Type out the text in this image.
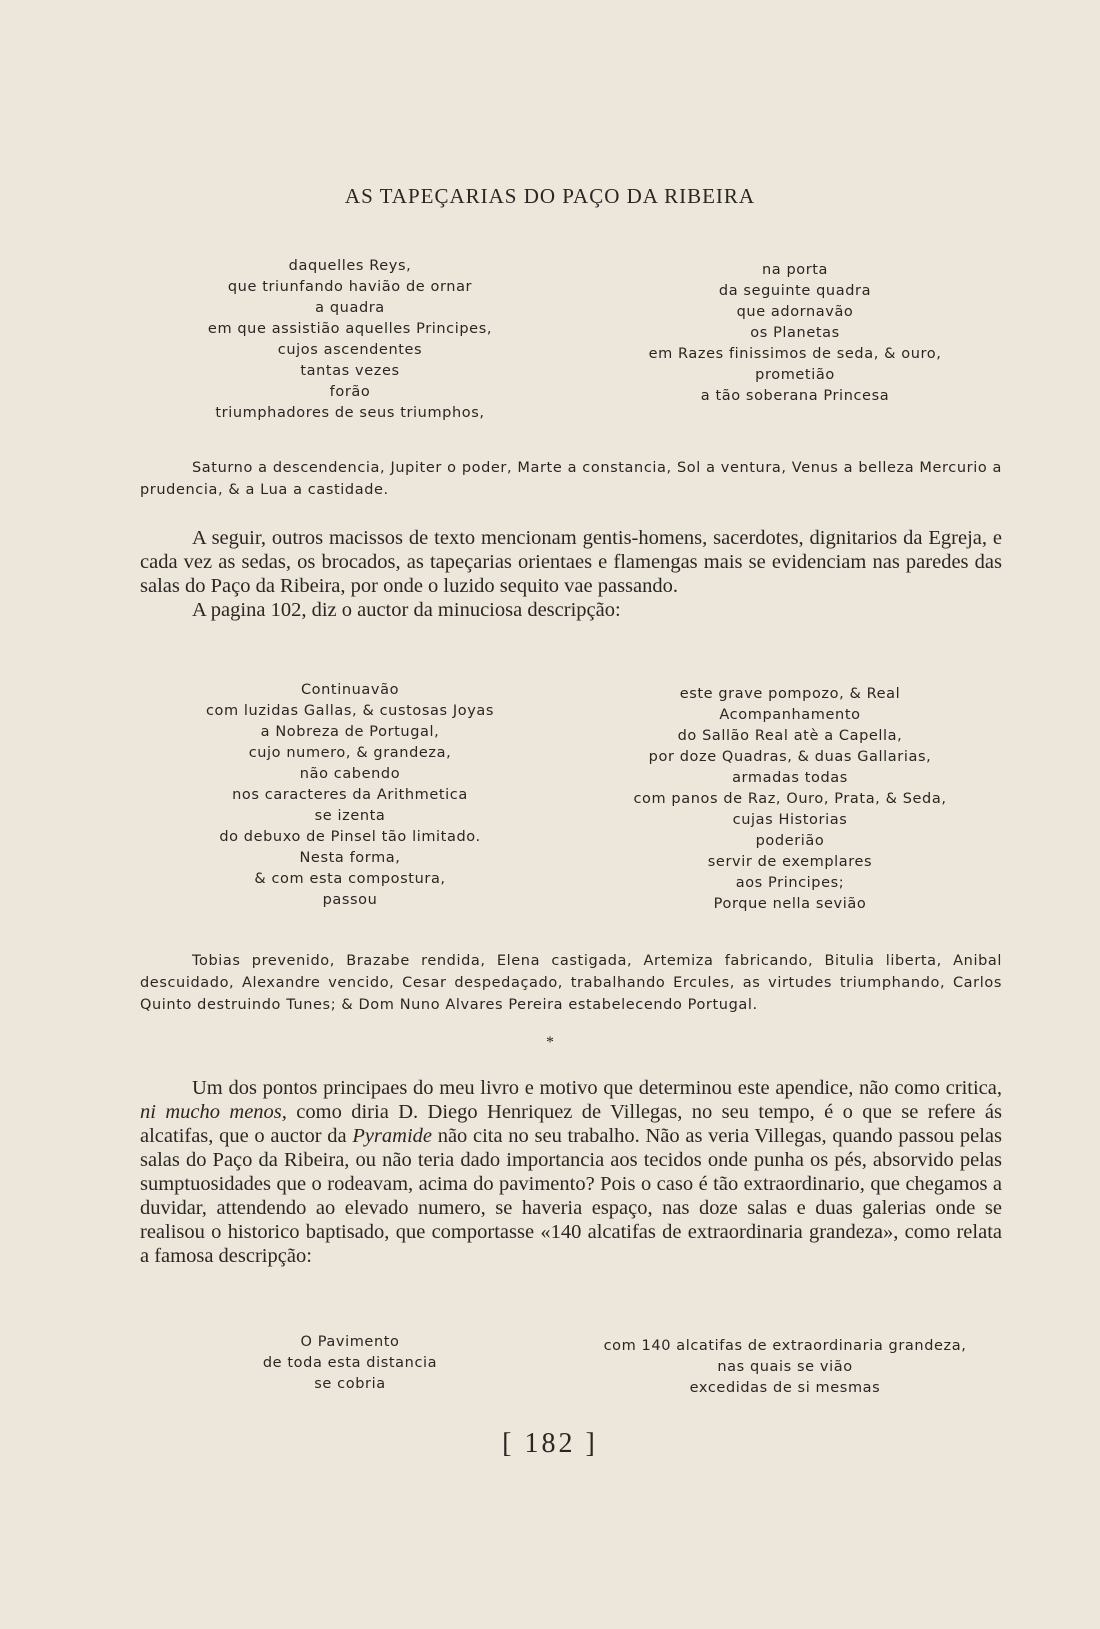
AS TAPEÇARIAS DO PAÇO DA RIBEIRA
daquelles Reys,
que triunfando havião de ornar
a quadra
em que assistião aquelles Principes,
cujos ascendentes
tantas vezes
forão
triumphadores de seus triumphos,
na porta
da seguinte quadra
que adornavão
os Planetas
em Razes finissimos de seda, & ouro,
prometião
a tão soberana Princesa
Saturno a descendencia, Jupiter o poder, Marte a constancia, Sol a ventura, Venus a belleza Mercurio a prudencia, & a Lua a castidade.

A seguir, outros macissos de texto mencionam gentis-homens, sacerdotes, dignitarios da Egreja, e cada vez as sedas, os brocados, as tapeçarias orientaes e flamengas mais se evidenciam nas paredes das salas do Paço da Ribeira, por onde o luzido sequito vae passando.

A pagina 102, diz o auctor da minuciosa descripção:

Continuavão
com luzidas Gallas, & custosas Joyas
a Nobreza de Portugal,
cujo numero, & grandeza,
não cabendo
nos caracteres da Arithmetica
se izenta
do debuxo de Pinsel tão limitado.
Nesta forma,
& com esta compostura,
passou
este grave pompozo, & Real
Acompanhamento
do Sallão Real atè a Capella,
por doze Quadras, & duas Gallarias,
armadas todas
com panos de Raz, Ouro, Prata, & Seda,
cujas Historias
poderião
servir de exemplares
aos Principes;
Porque nella sevião
Tobias prevenido, Brazabe rendida, Elena castigada, Artemiza fabricando, Bitulia liberta, Anibal descuidado, Alexandre vencido, Cesar despedaçado, trabalhando Ercules, as virtudes triumphando, Carlos Quinto destruindo Tunes; & Dom Nuno Alvares Pereira estabelecendo Portugal.
*

Um dos pontos principaes do meu livro e motivo que determinou este apendice, não como critica, ni mucho menos, como diria D. Diego Henriquez de Villegas, no seu tempo, é o que se refere ás alcatifas, que o auctor da Pyramide não cita no seu trabalho. Não as veria Villegas, quando passou pelas salas do Paço da Ribeira, ou não teria dado importancia aos tecidos onde punha os pés, absorvido pelas sumptuosidades que o rodeavam, acima do pavimento? Pois o caso é tão extraordinario, que chegamos a duvidar, attendendo ao elevado numero, se haveria espaço, nas doze salas e duas galerias onde se realisou o historico baptisado, que comportasse «140 alcatifas de extraordinaria grandeza», como relata a famosa descripção:

O Pavimento
de toda esta distancia
se cobria
com 140 alcatifas de extraordinaria grandeza,
nas quais se vião
excedidas de si mesmas
[ 182 ]
